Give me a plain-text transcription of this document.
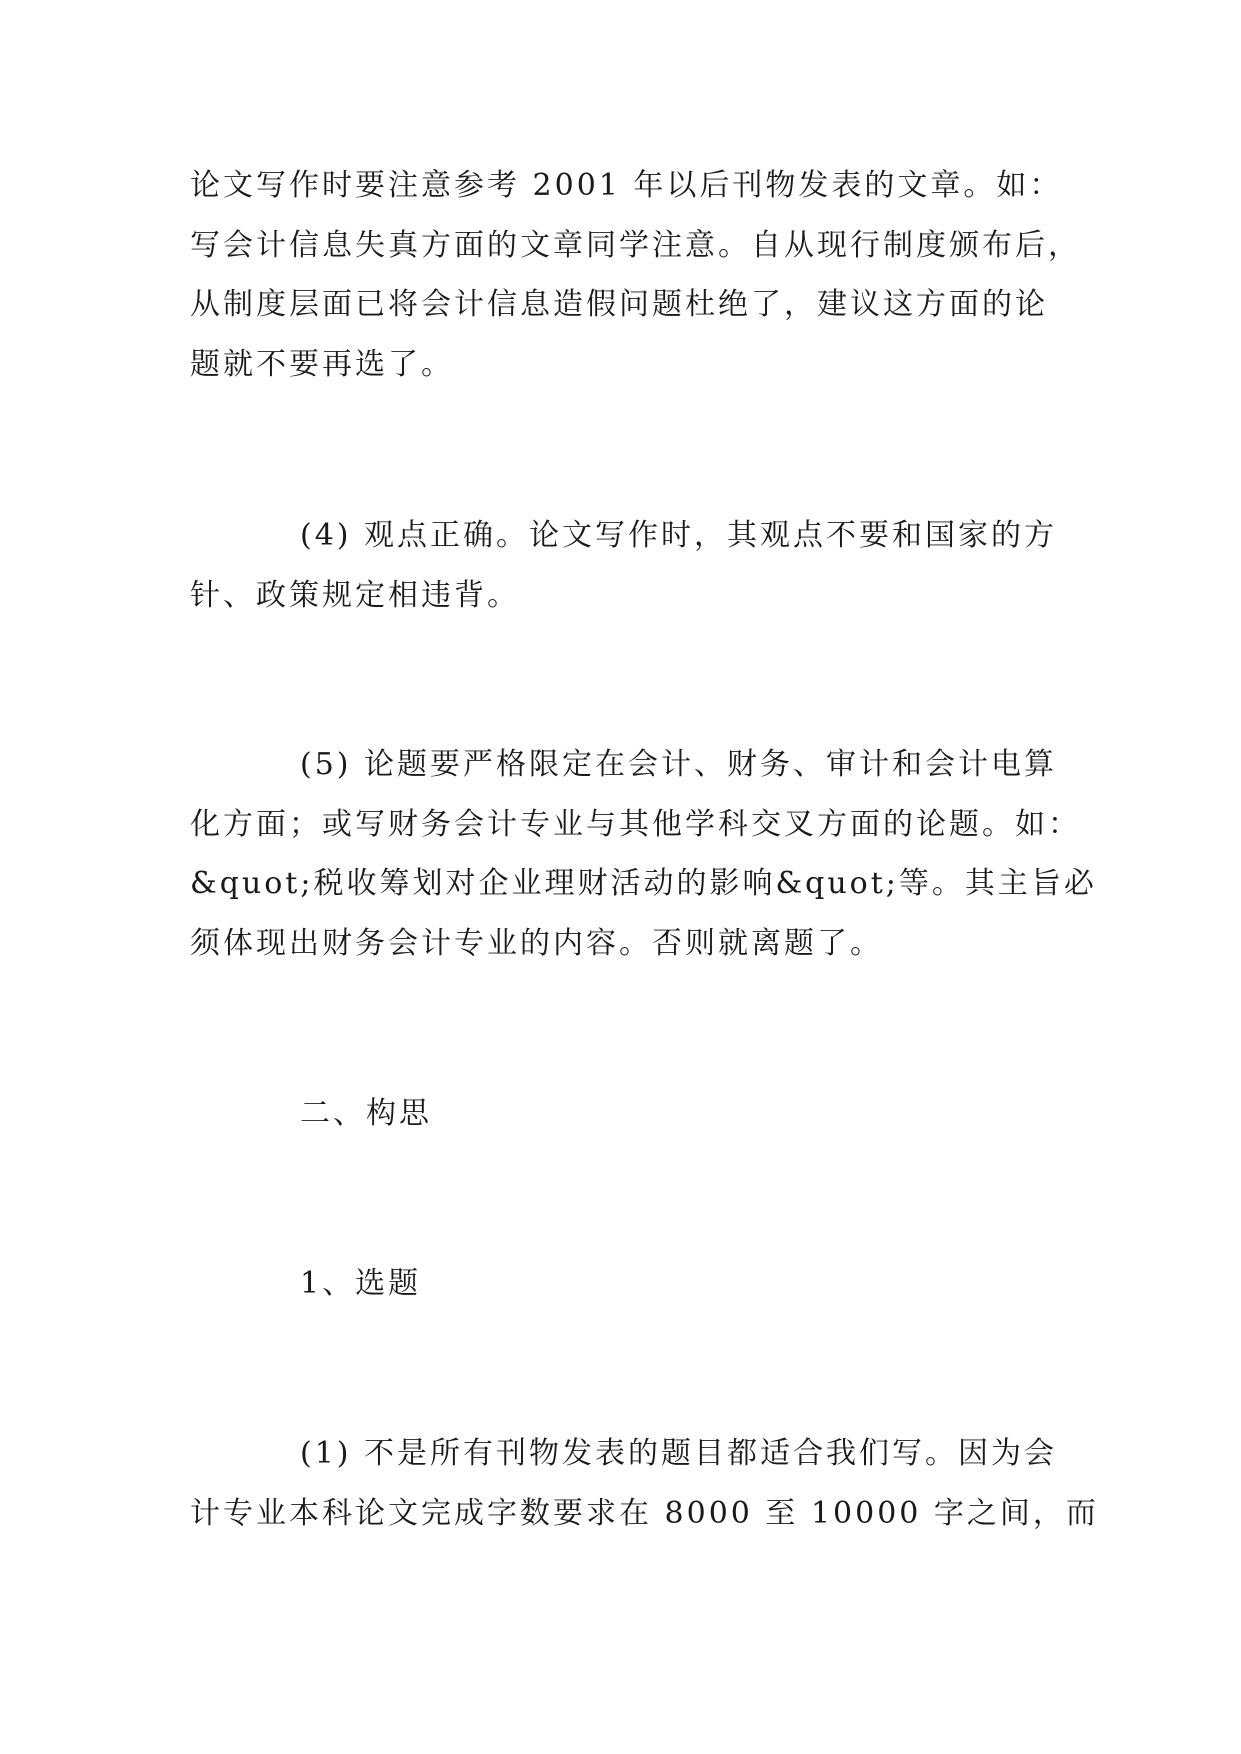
论文写作时要注意参考 2001 年以后刊物发表的文章。如：
写会计信息失真方面的文章同学注意。自从现行制度颁布后，
从制度层面已将会计信息造假问题杜绝了，建议这方面的论
题就不要再选了。
(4) 观点正确。论文写作时，其观点不要和国家的方
针、政策规定相违背。
(5) 论题要严格限定在会计、财务、审计和会计电算
化方面；或写财务会计专业与其他学科交叉方面的论题。如：
&quot;税收筹划对企业理财活动的影响&quot;等。其主旨必
须体现出财务会计专业的内容。否则就离题了。
二、构思
1、选题
(1) 不是所有刊物发表的题目都适合我们写。因为会
计专业本科论文完成字数要求在 8000 至 10000 字之间，而
